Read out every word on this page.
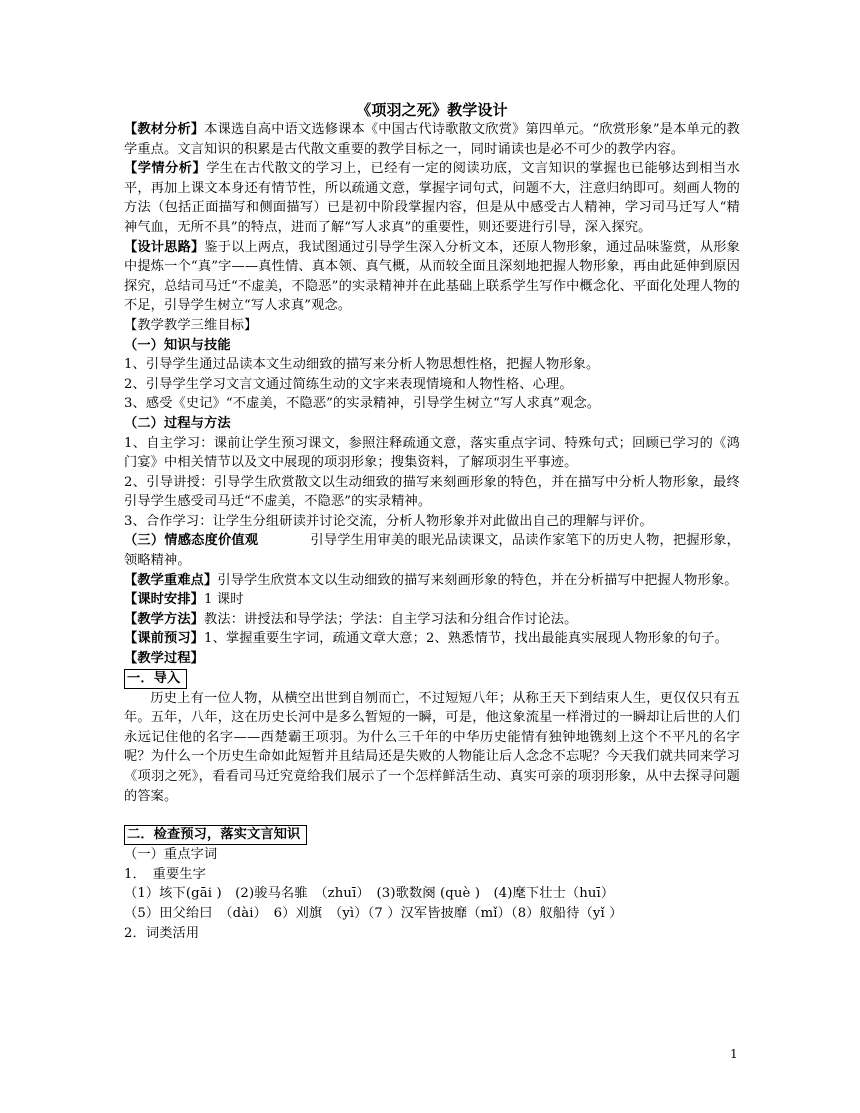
《项羽之死》教学设计

【教材分析】本课选自高中语文选修课本《中国古代诗歌散文欣赏》第四单元。“欣赏形象”是本单元的教学重点。文言知识的积累是古代散文重要的教学目标之一，同时诵读也是必不可少的教学内容。

【学情分析】学生在古代散文的学习上，已经有一定的阅读功底，文言知识的掌握也已能够达到相当水平，再加上课文本身还有情节性，所以疏通文意，掌握字词句式，问题不大，注意归纳即可。刻画人物的方法（包括正面描写和侧面描写）已是初中阶段掌握内容，但是从中感受古人精神，学习司马迁写人“精神气血，无所不具”的特点，进而了解“写人求真”的重要性，则还要进行引导，深入探究。

【设计思路】鉴于以上两点，我试图通过引导学生深入分析文本，还原人物形象，通过品味鉴赏，从形象中提炼一个“真”字——真性情、真本领、真气概，从而较全面且深刻地把握人物形象，再由此延伸到原因探究，总结司马迁“不虚美，不隐恶”的实录精神并在此基础上联系学生写作中概念化、平面化处理人物的不足，引导学生树立“写人求真”观念。

【教学教学三维目标】

（一）知识与技能

1、引导学生通过品读本文生动细致的描写来分析人物思想性格，把握人物形象。

2、引导学生学习文言文通过简练生动的文字来表现情境和人物性格、心理。

3、感受《史记》“不虚美，不隐恶”的实录精神，引导学生树立“写人求真”观念。

（二）过程与方法

1、自主学习：课前让学生预习课文，参照注释疏通文意，落实重点字词、特殊句式；回顾已学习的《鸿门宴》中相关情节以及文中展现的项羽形象；搜集资料，了解项羽生平事迹。

2、引导讲授：引导学生欣赏散文以生动细致的描写来刻画形象的特色，并在描写中分析人物形象，最终引导学生感受司马迁“不虚美，不隐恶”的实录精神。

3、合作学习：让学生分组研读并讨论交流，分析人物形象并对此做出自己的理解与评价。

（三）情感态度价值观	引导学生用审美的眼光品读课文，品读作家笔下的历史人物，把握形象，领略精神。

【教学重难点】引导学生欣赏本文以生动细致的描写来刻画形象的特色，并在分析描写中把握人物形象。

【课时安排】1 课时

【教学方法】教法：讲授法和导学法；学法：自主学习法和分组合作讨论法。

【课前预习】1、掌握重要生字词，疏通文章大意；2、熟悉情节，找出最能真实展现人物形象的句子。

【教学过程】

一．导入

历史上有一位人物，从横空出世到自刎而亡，不过短短八年；从称王天下到结束人生，更仅仅只有五年。五年，八年，这在历史长河中是多么暂短的一瞬，可是，他这象流星一样滑过的一瞬却让后世的人们永远记住他的名字——西楚霸王项羽。为什么三千年的中华历史能情有独钟地镌刻上这个不平凡的名字呢？为什么一个历史生命如此短暂并且结局还是失败的人物能让后人念念不忘呢？今天我们就共同来学习《项羽之死》，看看司马迁究竟给我们展示了一个怎样鲜活生动、真实可亲的项羽形象，从中去探寻问题的答案。

二．检查预习，落实文言知识

（一）重点字词

1．　重要生字

（1）垓下(gāi )　(2)骏马名骓　（zhuī）　(3)歌数阕 (què )　(4)麾下壮士（huī）

（5）田父绐曰　（dài）　6）刈旗　（yì）（7 ）汉军皆披靡（mǐ）（8）舣船待（yǐ ）

2．词类活用

1
